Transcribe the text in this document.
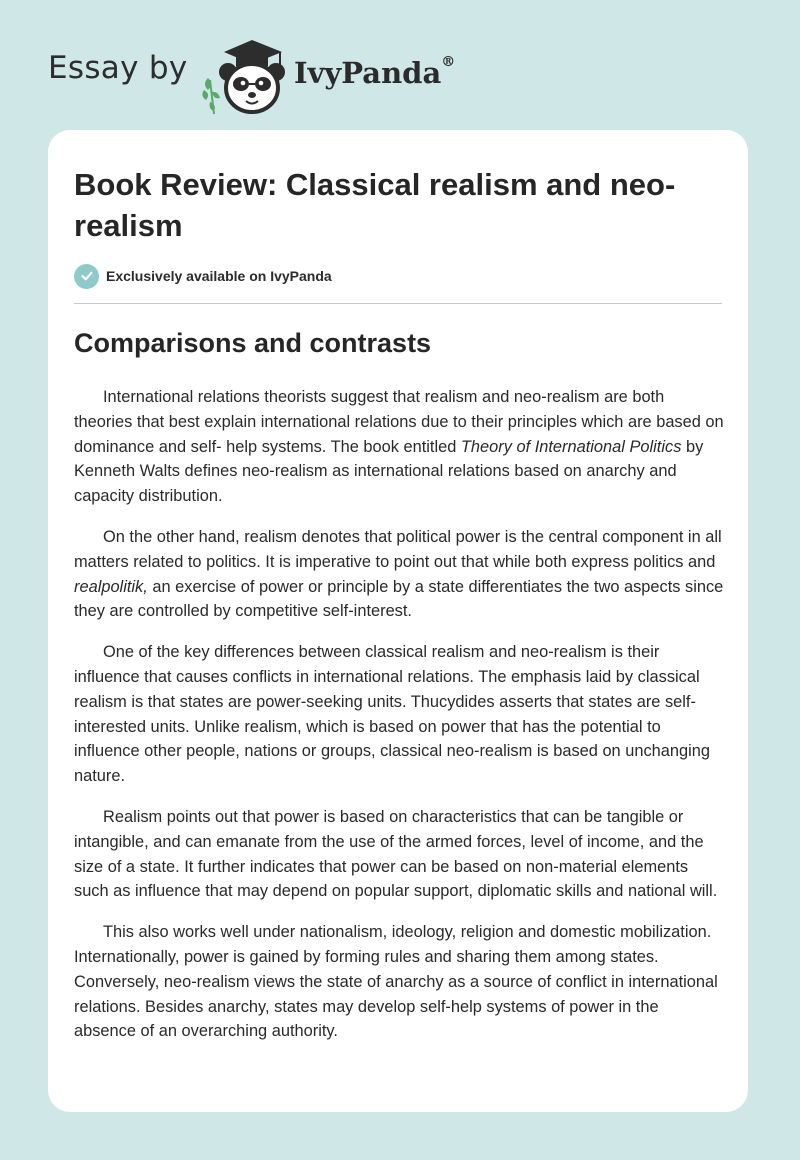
Essay by	IvyPanda®
Book Review: Classical realism and neo-realism
Exclusively available on IvyPanda
Comparisons and contrasts

International relations theorists suggest that realism and neo-realism are both theories that best explain international relations due to their principles which are based on dominance and self- help systems. The book entitled Theory of International Politics by Kenneth Walts defines neo-realism as international relations based on anarchy and capacity distribution.

On the other hand, realism denotes that political power is the central component in all matters related to politics. It is imperative to point out that while both express politics and realpolitik, an exercise of power or principle by a state differentiates the two aspects since they are controlled by competitive self-interest.

One of the key differences between classical realism and neo-realism is their influence that causes conflicts in international relations. The emphasis laid by classical realism is that states are power-seeking units. Thucydides asserts that states are self-interested units. Unlike realism, which is based on power that has the potential to influence other people, nations or groups, classical neo-realism is based on unchanging nature.

Realism points out that power is based on characteristics that can be tangible or intangible, and can emanate from the use of the armed forces, level of income, and the size of a state. It further indicates that power can be based on non-material elements such as influence that may depend on popular support, diplomatic skills and national will.

This also works well under nationalism, ideology, religion and domestic mobilization. Internationally, power is gained by forming rules and sharing them among states. Conversely, neo-realism views the state of anarchy as a source of conflict in international relations. Besides anarchy, states may develop self-help systems of power in the absence of an overarching authority.
